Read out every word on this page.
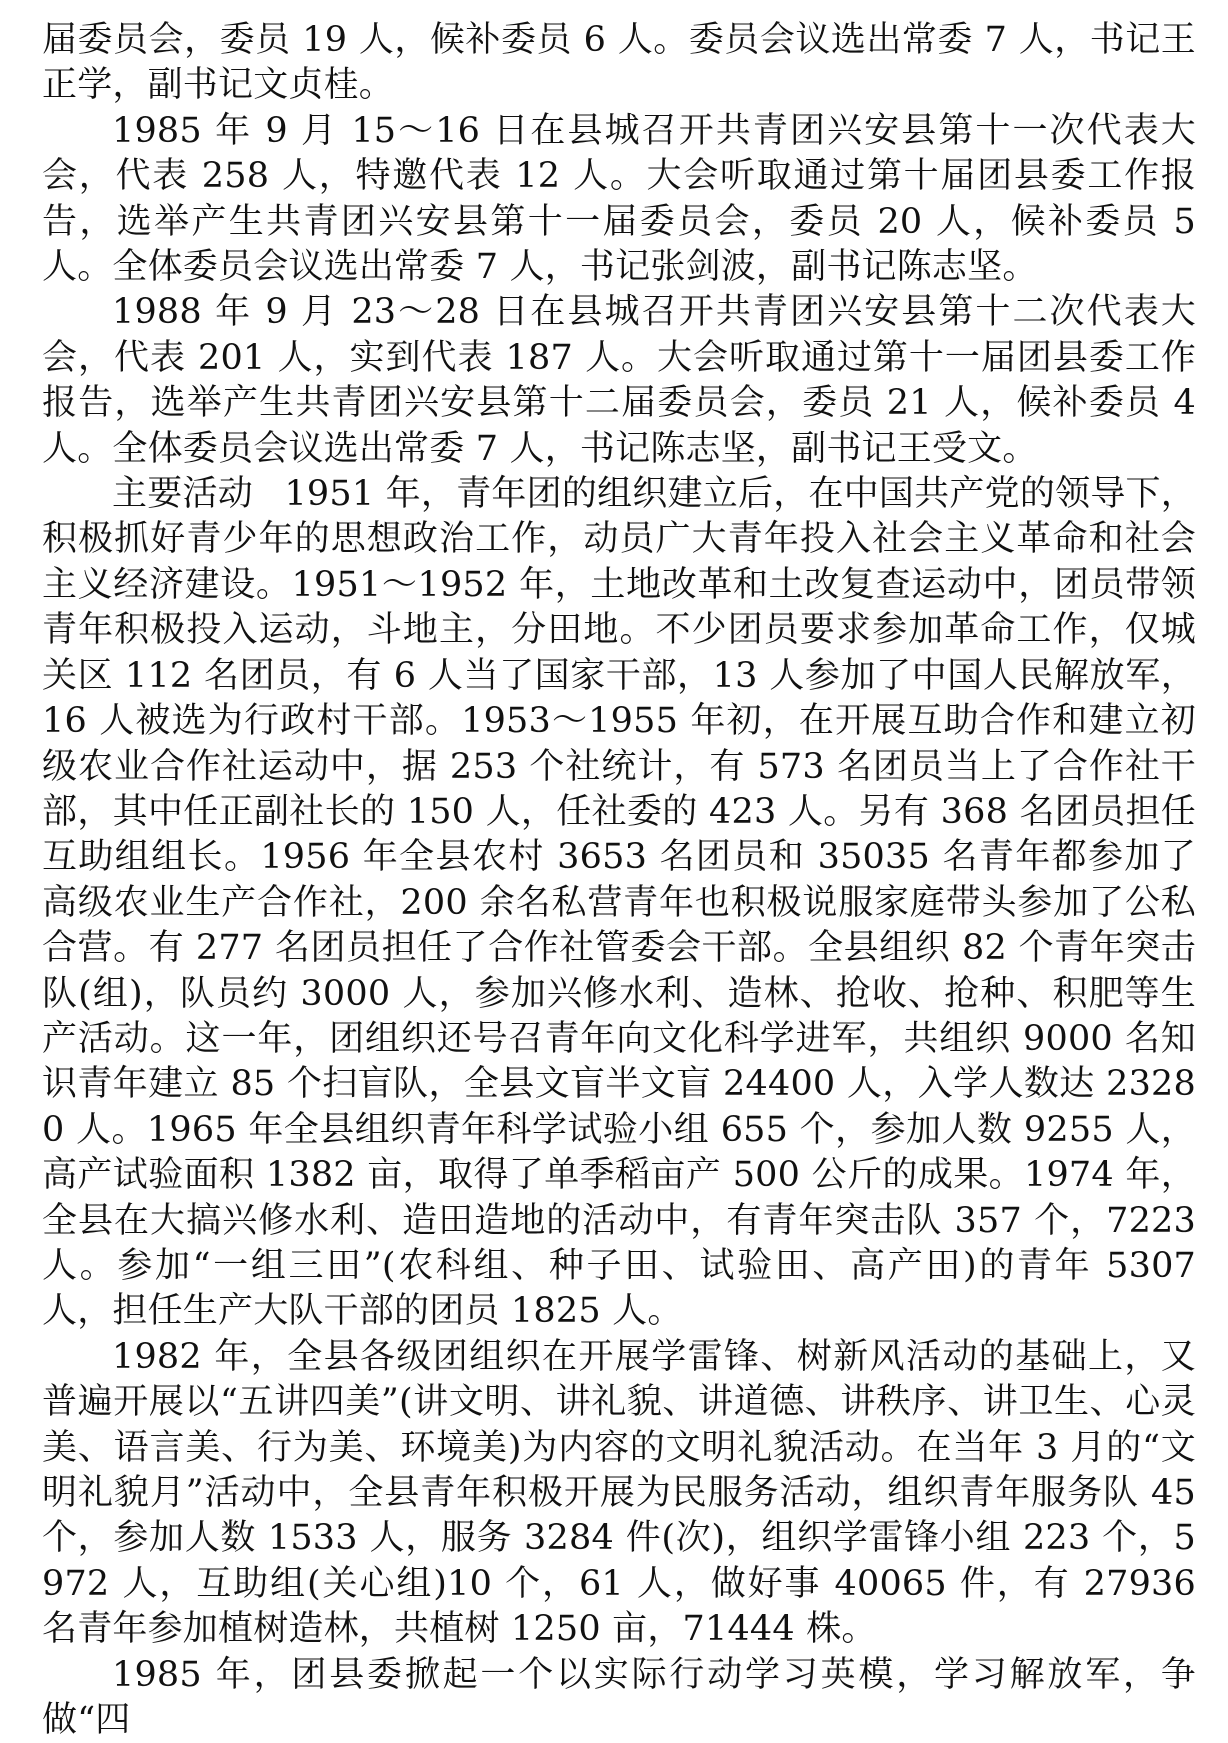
届委员会，委员 19 人，候补委员 6 人。委员会议选出常委 7 人，书记王正学，副书记文贞桂。

1985 年 9 月 15～16 日在县城召开共青团兴安县第十一次代表大会，代表 258 人，特邀代表 12 人。大会听取通过第十届团县委工作报告，选举产生共青团兴安县第十一届委员会，委员 20 人，候补委员 5 人。全体委员会议选出常委 7 人，书记张剑波，副书记陈志坚。

1988 年 9 月 23～28 日在县城召开共青团兴安县第十二次代表大会，代表 201 人，实到代表 187 人。大会听取通过第十一届团县委工作报告，选举产生共青团兴安县第十二届委员会，委员 21 人，候补委员 4 人。全体委员会议选出常委 7 人，书记陈志坚，副书记王受文。

主要活动 1951 年，青年团的组织建立后，在中国共产党的领导下，积极抓好青少年的思想政治工作，动员广大青年投入社会主义革命和社会主义经济建设。1951～1952 年，土地改革和土改复查运动中，团员带领青年积极投入运动，斗地主，分田地。不少团员要求参加革命工作，仅城关区 112 名团员，有 6 人当了国家干部，13 人参加了中国人民解放军，16 人被选为行政村干部。1953～1955 年初，在开展互助合作和建立初级农业合作社运动中，据 253 个社统计，有 573 名团员当上了合作社干部，其中任正副社长的 150 人，任社委的 423 人。另有 368 名团员担任互助组组长。1956 年全县农村 3653 名团员和 35035 名青年都参加了高级农业生产合作社，200 余名私营青年也积极说服家庭带头参加了公私合营。有 277 名团员担任了合作社管委会干部。全县组织 82 个青年突击队(组)，队员约 3000 人，参加兴修水利、造林、抢收、抢种、积肥等生产活动。这一年，团组织还号召青年向文化科学进军，共组织 9000 名知识青年建立 85 个扫盲队，全县文盲半文盲 24400 人，入学人数达 23280 人。1965 年全县组织青年科学试验小组 655 个，参加人数 9255 人，高产试验面积 1382 亩，取得了单季稻亩产 500 公斤的成果。1974 年，全县在大搞兴修水利、造田造地的活动中，有青年突击队 357 个，7223 人。参加“一组三田”(农科组、种子田、试验田、高产田)的青年 5307 人，担任生产大队干部的团员 1825 人。

1982 年，全县各级团组织在开展学雷锋、树新风活动的基础上，又普遍开展以“五讲四美”(讲文明、讲礼貌、讲道德、讲秩序、讲卫生、心灵美、语言美、行为美、环境美)为内容的文明礼貌活动。在当年 3 月的“文明礼貌月”活动中，全县青年积极开展为民服务活动，组织青年服务队 45 个，参加人数 1533 人，服务 3284 件(次)，组织学雷锋小组 223 个，5972 人，互助组(关心组)10 个，61 人，做好事 40065 件，有 27936 名青年参加植树造林，共植树 1250 亩，71444 株。

1985 年，团县委掀起一个以实际行动学习英模，学习解放军，争做“四
